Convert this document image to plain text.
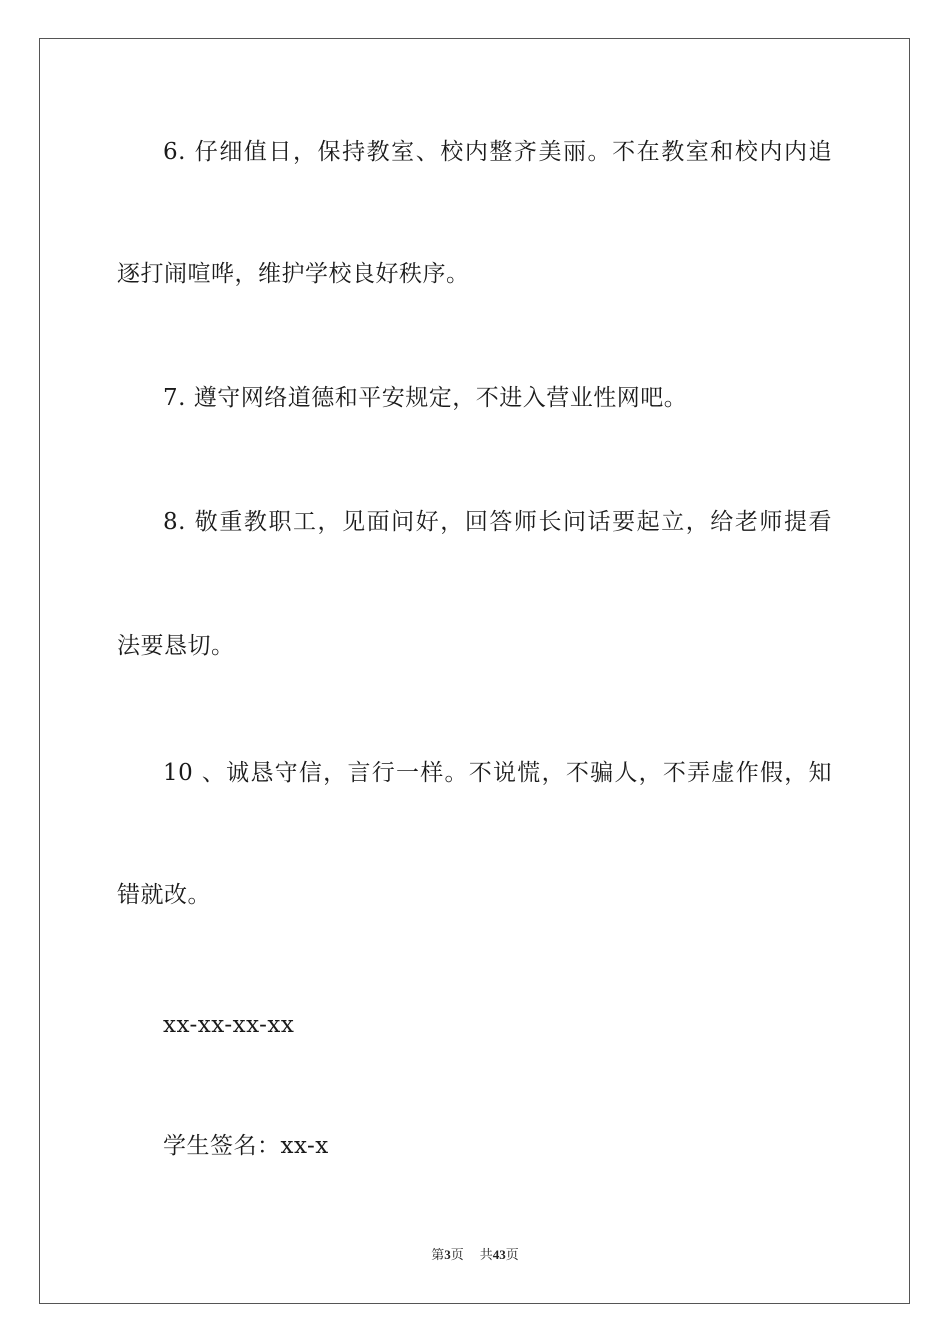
6. 仔细值日，保持教室、校内整齐美丽。不在教室和校内内追
逐打闹喧哗，维护学校良好秩序。
7. 遵守网络道德和平安规定，不进入营业性网吧。
8. 敬重教职工，见面问好，回答师长问话要起立，给老师提看
法要恳切。
10 、诚恳守信，言行一样。不说慌，不骗人，不弄虚作假，知
错就改。
xx-xx-xx-xx
学生签名：xx-x
第3页 共43页
